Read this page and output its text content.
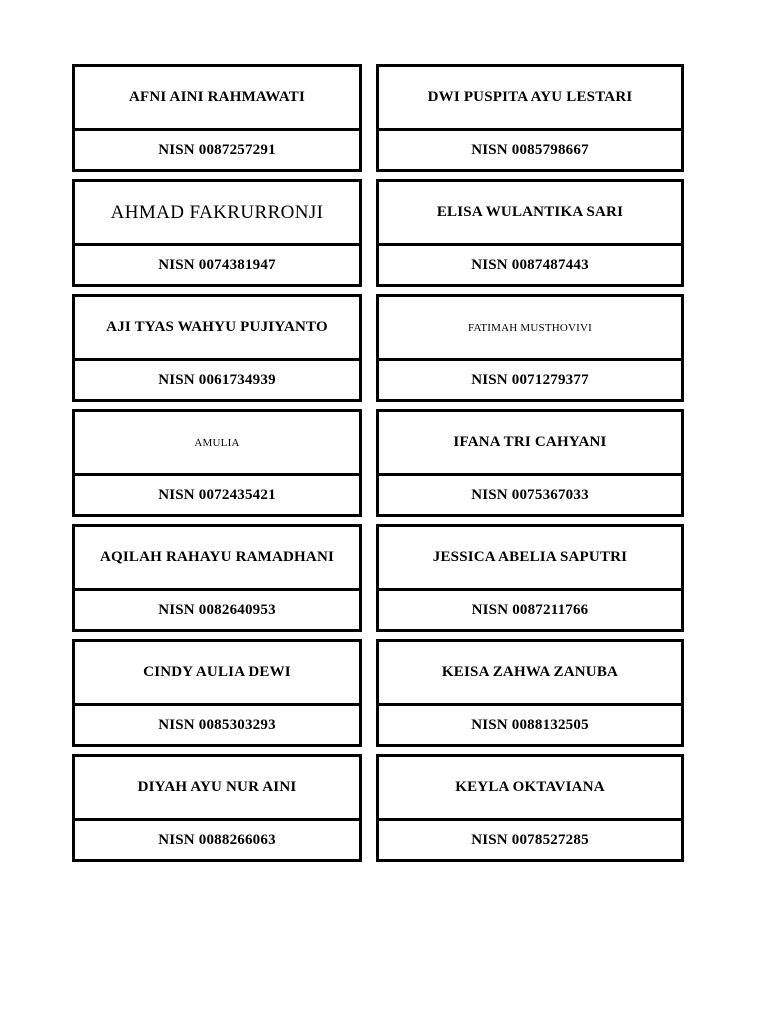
AFNI AINI RAHMAWATI
NISN 0087257291
DWI PUSPITA AYU LESTARI
NISN 0085798667
AHMAD FAKRURRONJI
NISN 0074381947
ELISA WULANTIKA SARI
NISN 0087487443
AJI TYAS WAHYU PUJIYANTO
NISN 0061734939
FATIMAH MUSTHOVIVI
NISN 0071279377
AMULIA
NISN 0072435421
IFANA TRI CAHYANI
NISN 0075367033
AQILAH RAHAYU RAMADHANI
NISN 0082640953
JESSICA ABELIA SAPUTRI
NISN 0087211766
CINDY AULIA DEWI
NISN 0085303293
KEISA ZAHWA ZANUBA
NISN 0088132505
DIYAH AYU NUR AINI
NISN 0088266063
KEYLA OKTAVIANA
NISN 0078527285
